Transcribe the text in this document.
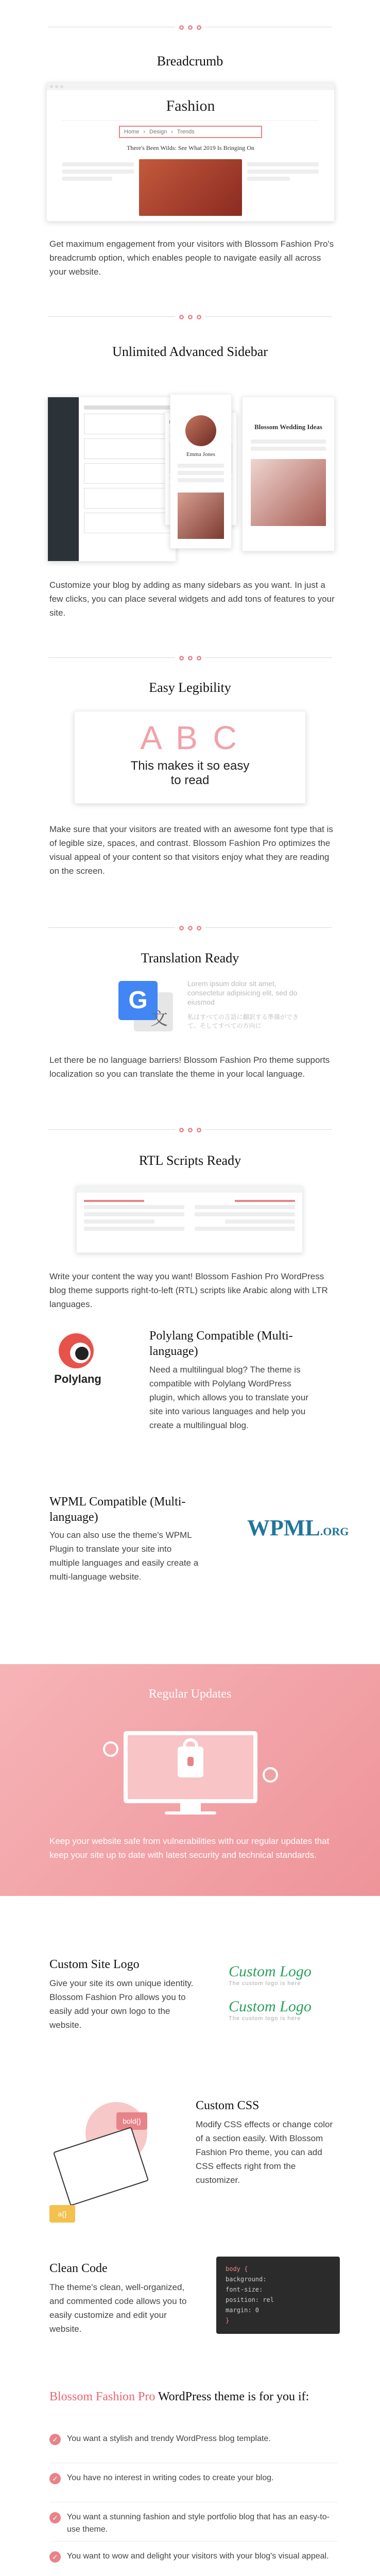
Breadcrumb
Fashion
Home › Design › Trends
There's Been Wilds: See What 2019 Is Bringing On
Get maximum engagement from your visitors with Blossom Fashion Pro's breadcrumb option, which enables people to navigate easily all across your website.
Unlimited Advanced Sidebar
Emma Jones
Blossom Wedding Ideas
Customize your blog by adding as many sidebars as you want. In just a few clicks, you can place several widgets and add tons of features to your site.
Easy Legibility
A B C
This makes it so easy to read
Make sure that your visitors are treated with an awesome font type that is of legible size, spaces, and contrast. Blossom Fashion Pro optimizes the visual appeal of your content so that visitors enjoy what they are reading on the screen.
Translation Ready
G
文
Lorem ipsum dolor sit amet, consectetur adipisicing elit, sed do eiusmod
私はすべての言語に翻訳する準備ができて、そしてすべての方向に
Let there be no language barriers! Blossom Fashion Pro theme supports localization so you can translate the theme in your local language.
RTL Scripts Ready
Write your content the way you want! Blossom Fashion Pro WordPress blog theme supports right-to-left (RTL) scripts like Arabic along with LTR languages.
Polylang
Polylang Compatible (Multi-language)
Need a multilingual blog? The theme is compatible with Polylang WordPress plugin, which allows you to translate your site into various languages and help you create a multilingual blog.
WPML Compatible (Multi-language)
You can also use the theme's WPML Plugin to translate your site into multiple languages and easily create a multi-language website.
WPML.ORG
Regular Updates
Keep your website safe from vulnerabilities with our regular updates that keep your site up to date with latest security and technical standards.
Custom Site Logo
Give your site its own unique identity. Blossom Fashion Pro allows you to easily add your own logo to the website.
Custom Logo
The custom logo is here
Custom Logo
The custom logo is here
bold{}
a{}
Custom CSS
Modify CSS effects or change color of a section easily. With Blossom Fashion Pro theme, you can add CSS effects right from the customizer.
Clean Code
The theme's clean, well-organized, and commented code allows you to easily customize and edit your website.
body {
background:
font-size:
position: rel
margin: 0
}
Blossom Fashion Pro WordPress theme is for you if:
✓	You want a stylish and trendy WordPress blog template.
✓	You have no interest in writing codes to create your blog.
✓	You want a stunning fashion and style portfolio blog that has an easy-to-use theme.
✓	You want to wow and delight your visitors with your blog's visual appeal.
